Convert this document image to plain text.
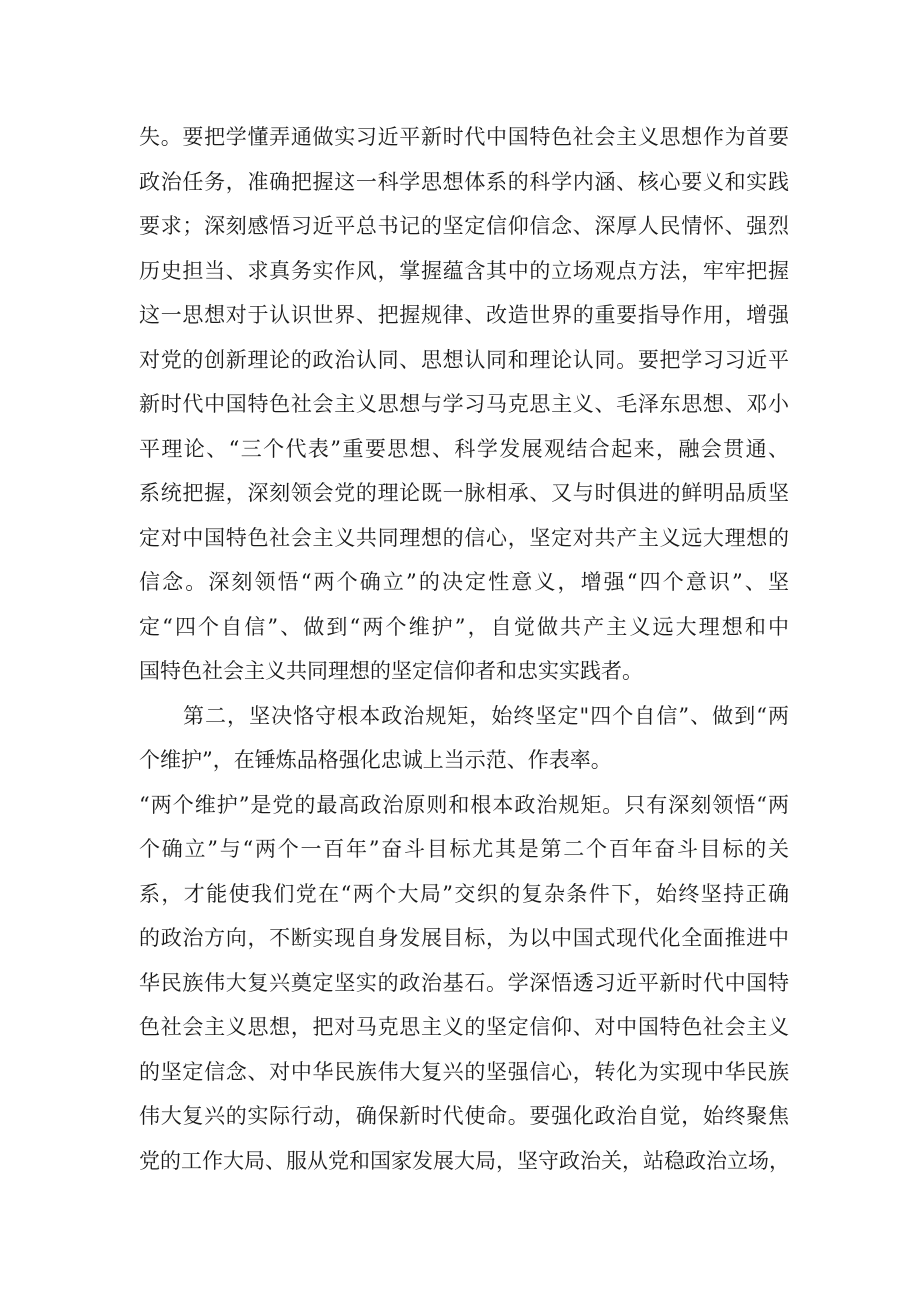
失。要把学懂弄通做实习近平新时代中国特色社会主义思想作为首要
政治任务，准确把握这一科学思想体系的科学内涵、核心要义和实践
要求；深刻感悟习近平总书记的坚定信仰信念、深厚人民情怀、强烈
历史担当、求真务实作风，掌握蕴含其中的立场观点方法，牢牢把握
这一思想对于认识世界、把握规律、改造世界的重要指导作用，增强
对党的创新理论的政治认同、思想认同和理论认同。要把学习习近平
新时代中国特色社会主义思想与学习马克思主义、毛泽东思想、邓小
平理论、“三个代表”重要思想、科学发展观结合起来，融会贯通、
系统把握，深刻领会党的理论既一脉相承、又与时俱进的鲜明品质坚
定对中国特色社会主义共同理想的信心，坚定对共产主义远大理想的
信念。深刻领悟“两个确立”的决定性意义，增强“四个意识”、坚
定“四个自信”、做到“两个维护”，自觉做共产主义远大理想和中
国特色社会主义共同理想的坚定信仰者和忠实实践者。
第二，坚决恪守根本政治规矩，始终坚定"四个自信”、做到“两
个维护”，在锤炼品格强化忠诚上当示范、作表率。
“两个维护”是党的最高政治原则和根本政治规矩。只有深刻领悟“两
个确立”与“两个一百年”奋斗目标尤其是第二个百年奋斗目标的关
系，才能使我们党在“两个大局”交织的复杂条件下，始终坚持正确
的政治方向，不断实现自身发展目标，为以中国式现代化全面推进中
华民族伟大复兴奠定坚实的政治基石。学深悟透习近平新时代中国特
色社会主义思想，把对马克思主义的坚定信仰、对中国特色社会主义
的坚定信念、对中华民族伟大复兴的坚强信心，转化为实现中华民族
伟大复兴的实际行动，确保新时代使命。要强化政治自觉，始终聚焦
党的工作大局、服从党和国家发展大局，坚守政治关，站稳政治立场，
